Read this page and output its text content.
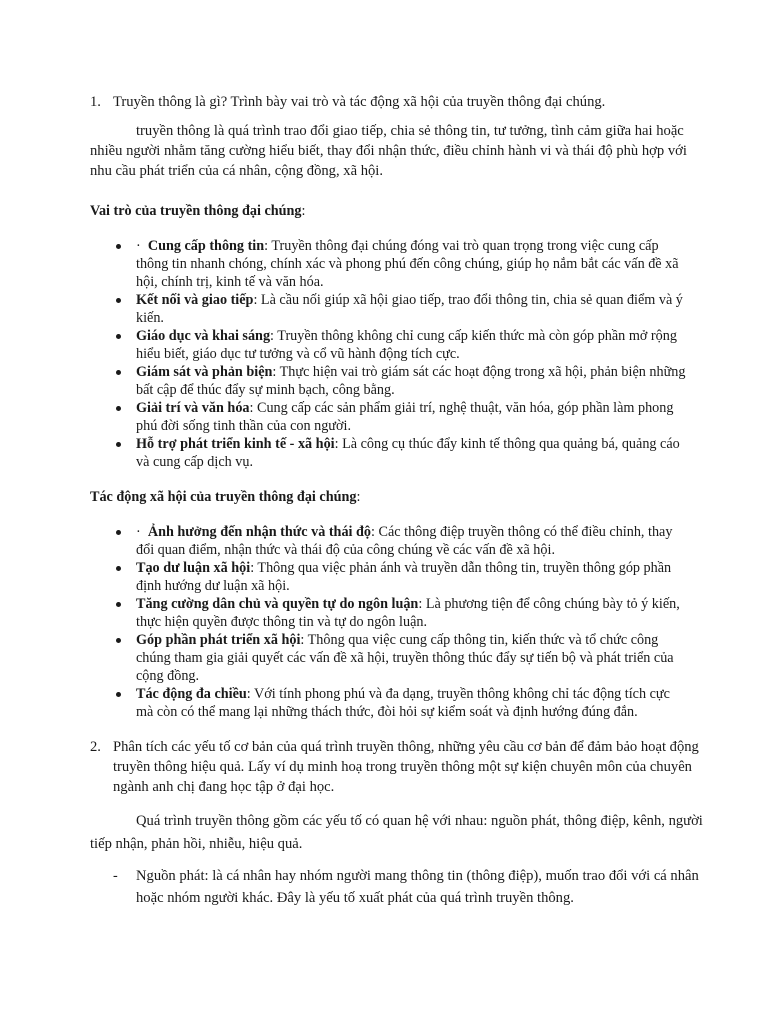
1. Truyền thông là gì? Trình bày vai trò và tác động xã hội của truyền thông đại chúng.
truyền thông là quá trình trao đổi giao tiếp, chia sẻ thông tin, tư tưởng, tình cảm giữa hai hoặc
nhiều người nhằm tăng cường hiểu biết, thay đổi nhận thức, điều chỉnh hành vi và thái độ phù hợp với
nhu cầu phát triển của cá nhân, cộng đồng, xã hội.
Vai trò của truyền thông đại chúng:
· Cung cấp thông tin: Truyền thông đại chúng đóng vai trò quan trọng trong việc cung cấp
thông tin nhanh chóng, chính xác và phong phú đến công chúng, giúp họ nắm bắt các vấn đề xã
hội, chính trị, kinh tế và văn hóa.
Kết nối và giao tiếp: Là cầu nối giúp xã hội giao tiếp, trao đổi thông tin, chia sẻ quan điểm và ý
kiến.
Giáo dục và khai sáng: Truyền thông không chỉ cung cấp kiến thức mà còn góp phần mở rộng
hiểu biết, giáo dục tư tưởng và cổ vũ hành động tích cực.
Giám sát và phản biện: Thực hiện vai trò giám sát các hoạt động trong xã hội, phản biện những
bất cập để thúc đẩy sự minh bạch, công bằng.
Giải trí và văn hóa: Cung cấp các sản phẩm giải trí, nghệ thuật, văn hóa, góp phần làm phong
phú đời sống tinh thần của con người.
Hỗ trợ phát triển kinh tế - xã hội: Là công cụ thúc đẩy kinh tế thông qua quảng bá, quảng cáo
và cung cấp dịch vụ.
Tác động xã hội của truyền thông đại chúng:
· Ảnh hưởng đến nhận thức và thái độ: Các thông điệp truyền thông có thể điều chỉnh, thay
đổi quan điểm, nhận thức và thái độ của công chúng về các vấn đề xã hội.
Tạo dư luận xã hội: Thông qua việc phản ánh và truyền dẫn thông tin, truyền thông góp phần
định hướng dư luận xã hội.
Tăng cường dân chủ và quyền tự do ngôn luận: Là phương tiện để công chúng bày tỏ ý kiến,
thực hiện quyền được thông tin và tự do ngôn luận.
Góp phần phát triển xã hội: Thông qua việc cung cấp thông tin, kiến thức và tổ chức công
chúng tham gia giải quyết các vấn đề xã hội, truyền thông thúc đẩy sự tiến bộ và phát triển của
cộng đồng.
Tác động đa chiều: Với tính phong phú và đa dạng, truyền thông không chỉ tác động tích cực
mà còn có thể mang lại những thách thức, đòi hỏi sự kiểm soát và định hướng đúng đắn.
2. Phân tích các yếu tố cơ bản của quá trình truyền thông, những yêu cầu cơ bản để đảm bảo hoạt động
truyền thông hiệu quả. Lấy ví dụ minh hoạ trong truyền thông một sự kiện chuyên môn của chuyên
ngành anh chị đang học tập ở đại học.
Quá trình truyền thông gồm các yếu tố có quan hệ với nhau: nguồn phát, thông điệp, kênh, người
tiếp nhận, phản hồi, nhiễu, hiệu quả.
- Nguồn phát: là cá nhân hay nhóm người mang thông tin (thông điệp), muốn trao đổi với cá nhân
hoặc nhóm người khác. Đây là yếu tố xuất phát của quá trình truyền thông.
